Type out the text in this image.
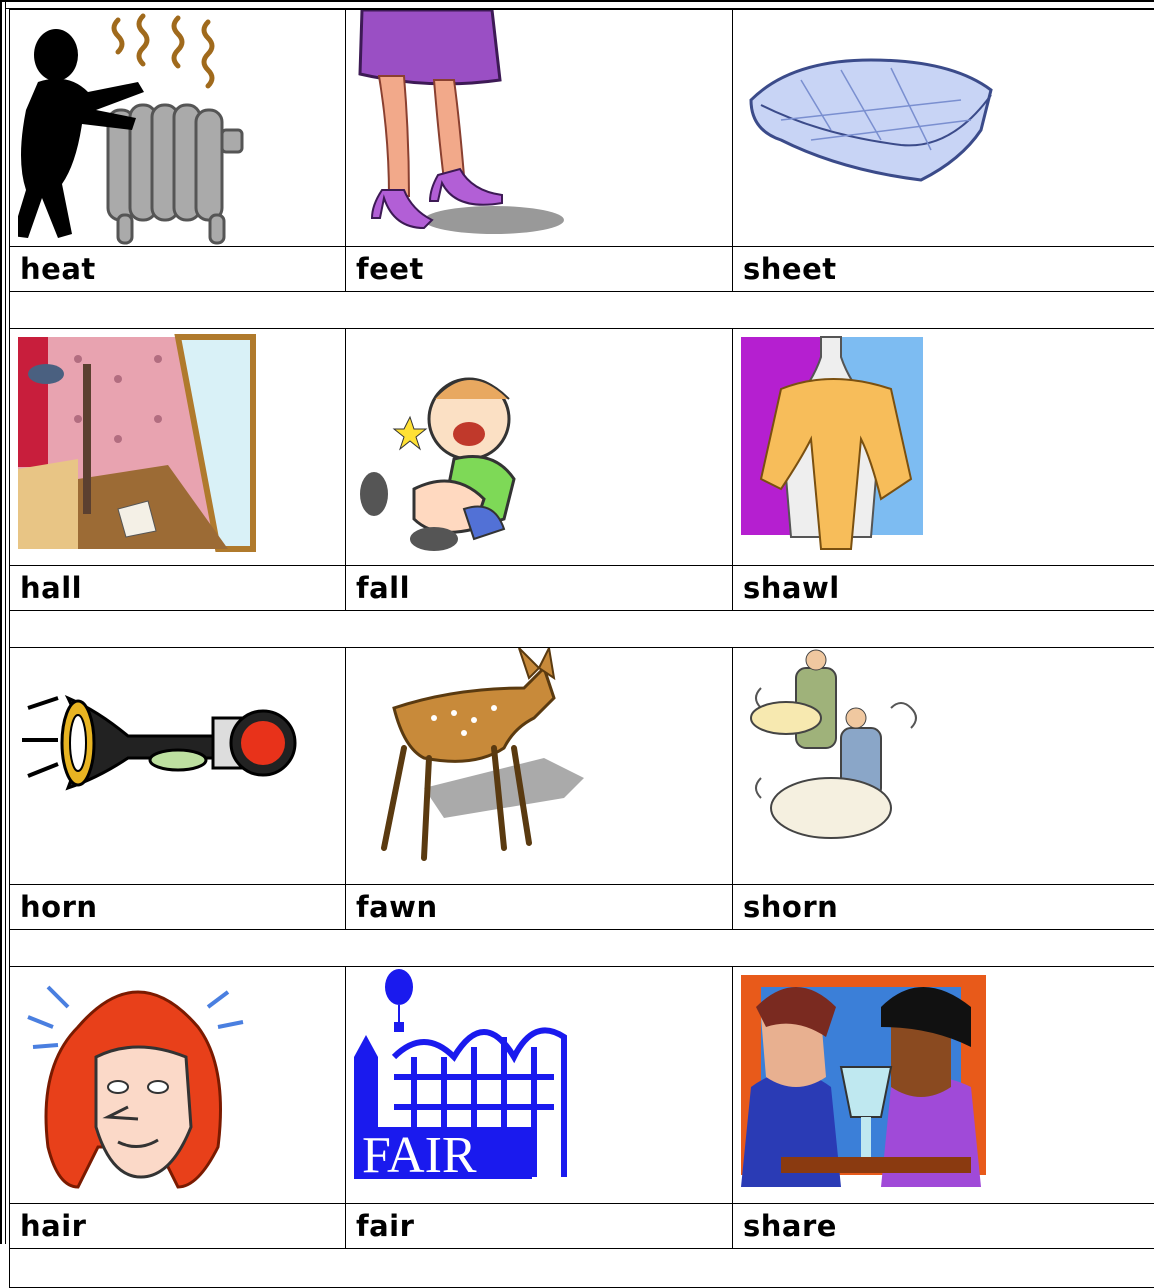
heat	feet	sheet

hall	fall	shawl

horn	fawn	shorn

FAIR

hair	fair	share
